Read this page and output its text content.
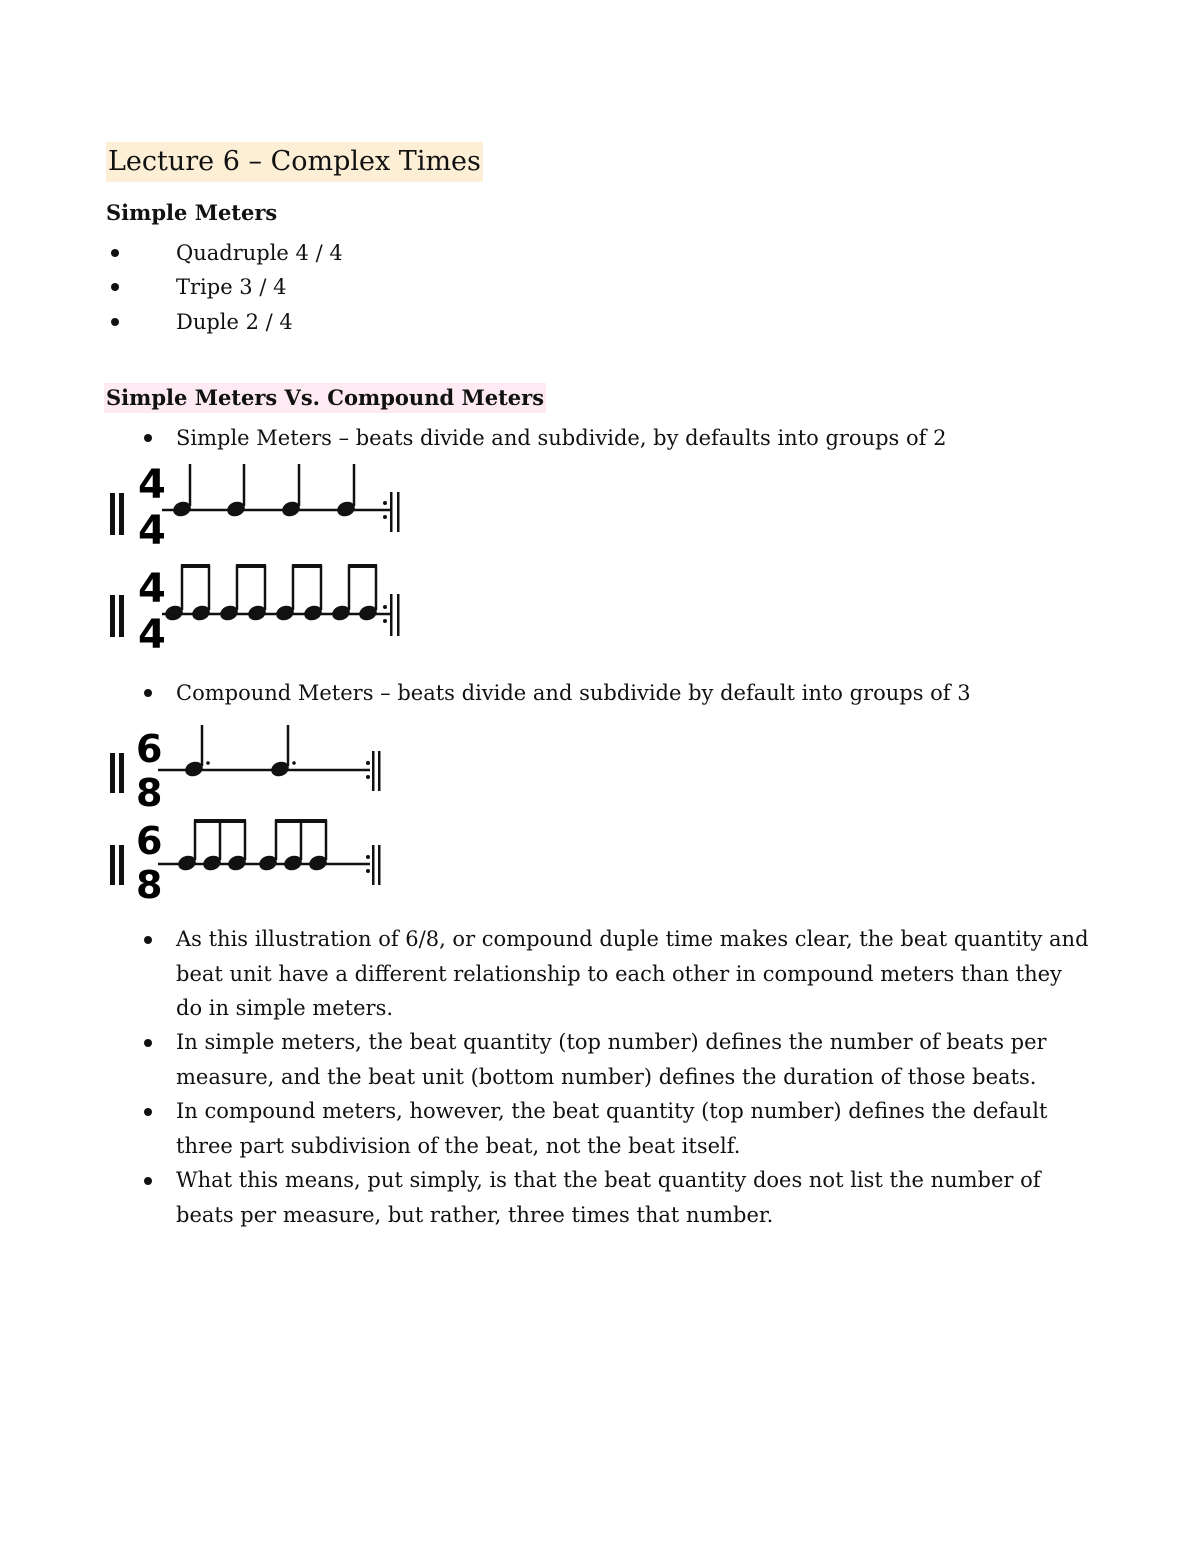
Lecture 6 – Complex Times
Simple Meters
Quadruple 4 / 4
Tripe 3 / 4
Duple 2 / 4
Simple Meters Vs. Compound Meters
Simple Meters – beats divide and subdivide, by defaults into groups of 2
4
4
4
4
Compound Meters – beats divide and subdivide by default into groups of 3
6
8
6
8
As this illustration of 6/8, or compound duple time makes clear, the beat quantity and beat unit have a different relationship to each other in compound meters than they do in simple meters.
In simple meters, the beat quantity (top number) defines the number of beats per measure, and the beat unit (bottom number) defines the duration of those beats.
In compound meters, however, the beat quantity (top number) defines the default three part subdivision of the beat, not the beat itself.
What this means, put simply, is that the beat quantity does not list the number of beats per measure, but rather, three times that number.
